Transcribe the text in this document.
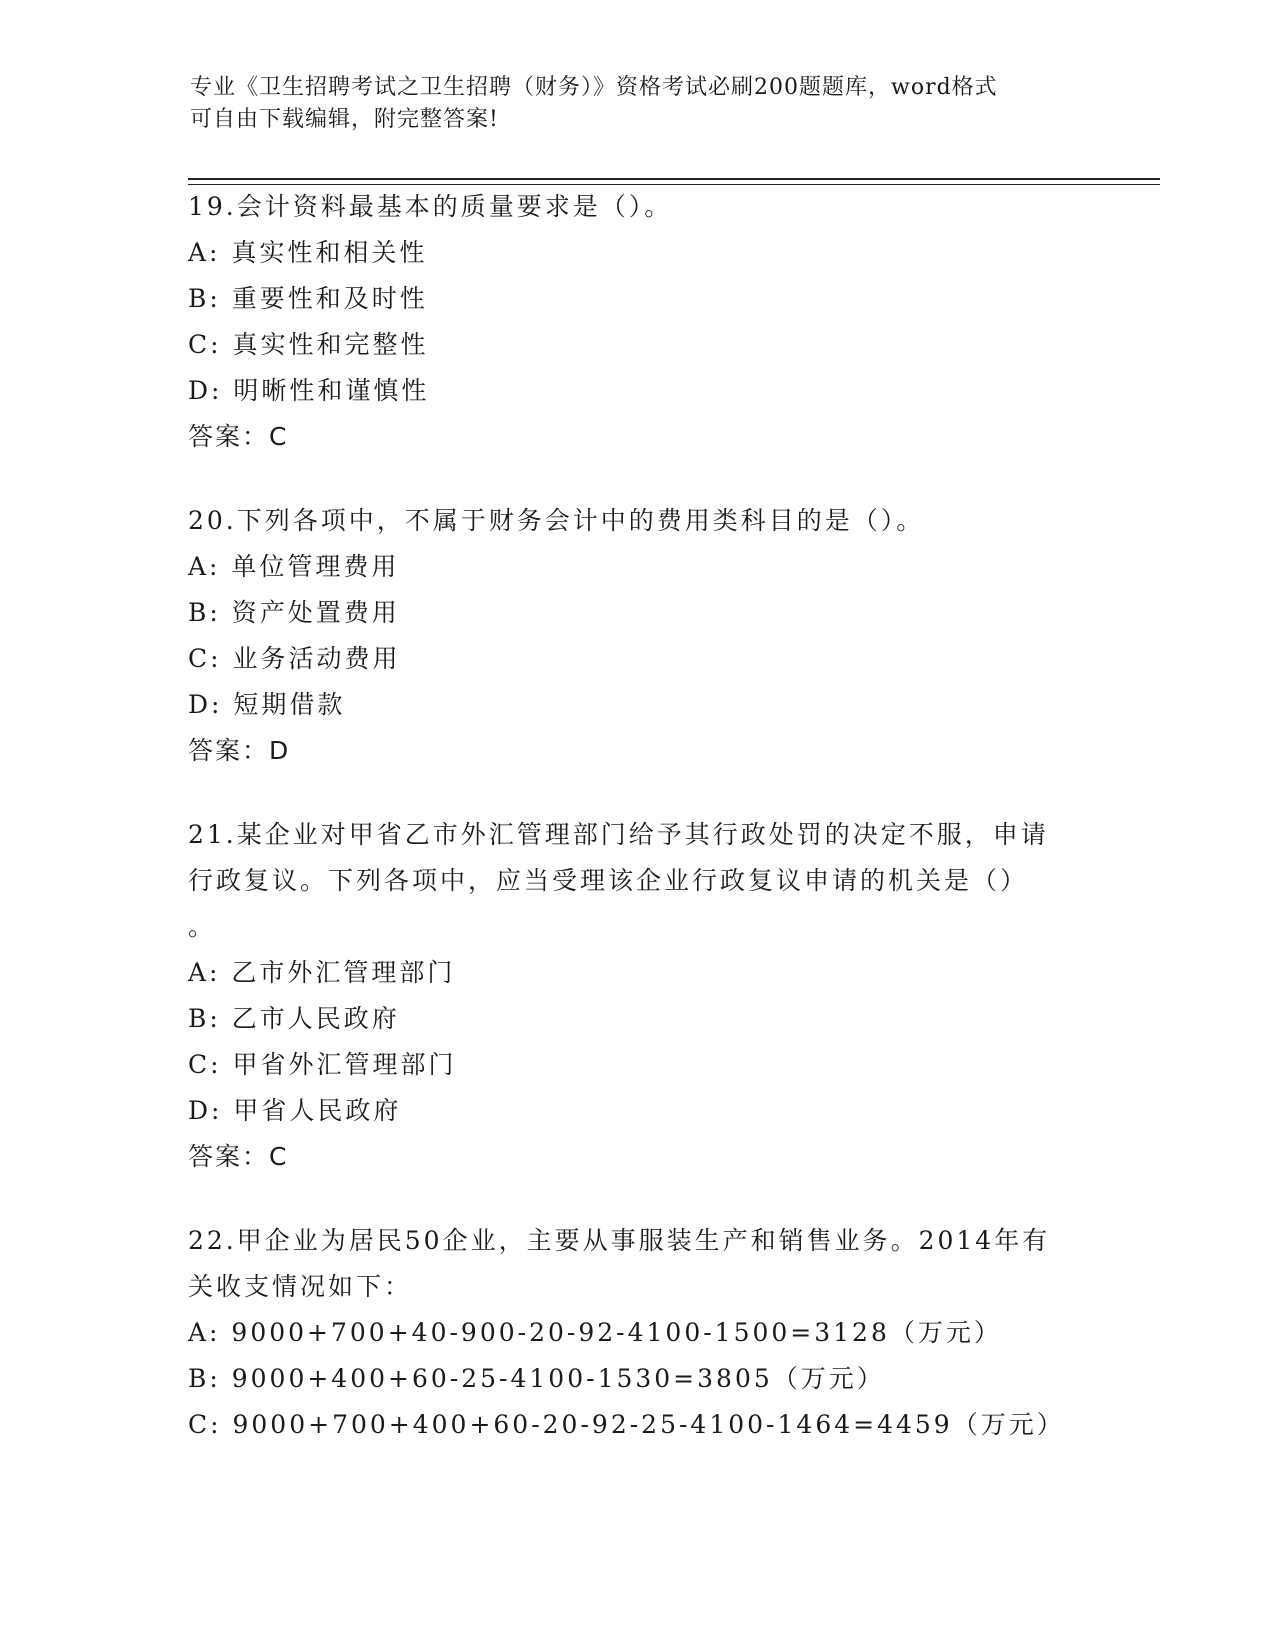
专业《卫生招聘考试之卫生招聘（财务）》资格考试必刷200题题库，word格式
可自由下载编辑，附完整答案!
19.会计资料最基本的质量要求是（）。
A: 真实性和相关性
B: 重要性和及时性
C: 真实性和完整性
D: 明晰性和谨慎性
答案：C
20.下列各项中，不属于财务会计中的费用类科目的是（）。
A: 单位管理费用
B: 资产处置费用
C: 业务活动费用
D: 短期借款
答案：D
21.某企业对甲省乙市外汇管理部门给予其行政处罚的决定不服，申请
行政复议。下列各项中，应当受理该企业行政复议申请的机关是（）
。
A: 乙市外汇管理部门
B: 乙市人民政府
C: 甲省外汇管理部门
D: 甲省人民政府
答案：C
22.甲企业为居民50企业，主要从事服装生产和销售业务。2014年有
关收支情况如下：
A: 9000+700+40-900-20-92-4100-1500=3128（万元）
B: 9000+400+60-25-4100-1530=3805（万元）
C: 9000+700+400+60-20-92-25-4100-1464=4459（万元）
